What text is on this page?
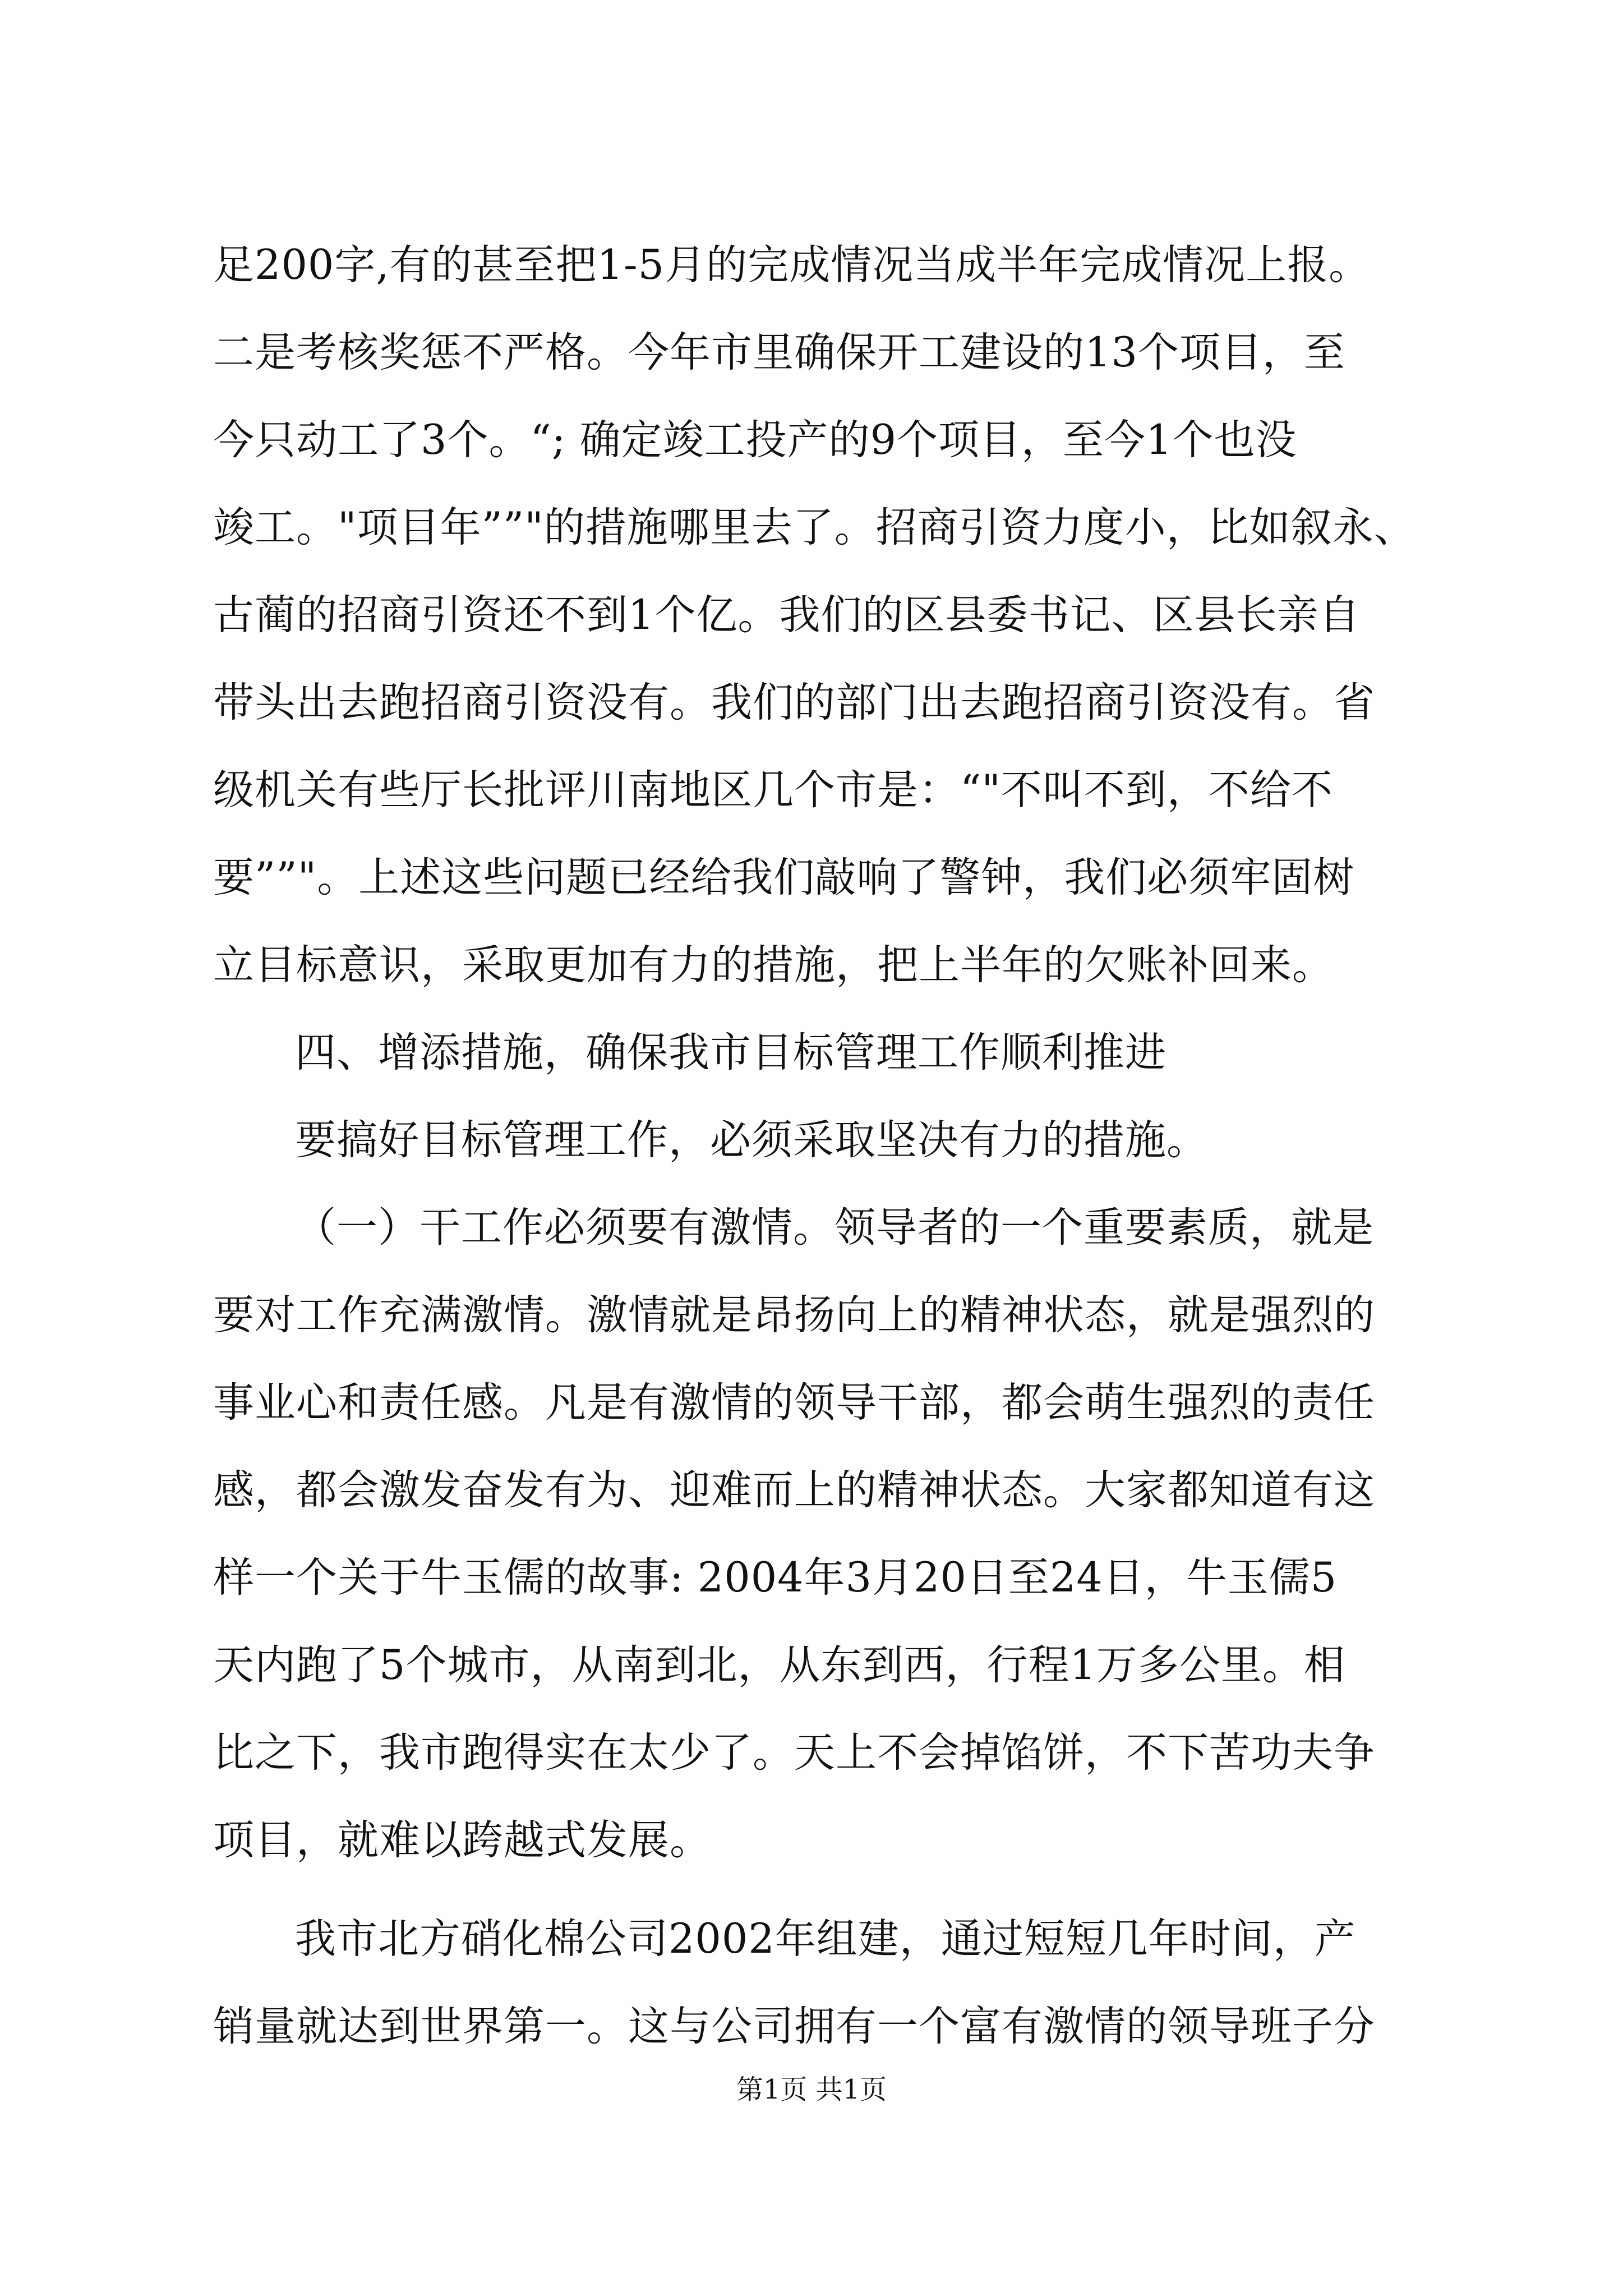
足200字,有的甚至把1-5月的完成情况当成半年完成情况上报。
二是考核奖惩不严格。今年市里确保开工建设的13个项目，至
今只动工了3个。“; 确定竣工投产的9个项目，至今1个也没
竣工。"项目年””"的措施哪里去了。招商引资力度小，比如叙永、
古蔺的招商引资还不到1个亿。我们的区县委书记、区县长亲自
带头出去跑招商引资没有。我们的部门出去跑招商引资没有。省
级机关有些厅长批评川南地区几个市是：“"不叫不到，不给不
要””"。上述这些问题已经给我们敲响了警钟，我们必须牢固树
立目标意识，采取更加有力的措施，把上半年的欠账补回来。
四、增添措施，确保我市目标管理工作顺利推进
要搞好目标管理工作，必须采取坚决有力的措施。
（一）干工作必须要有激情。领导者的一个重要素质，就是
要对工作充满激情。激情就是昂扬向上的精神状态，就是强烈的
事业心和责任感。凡是有激情的领导干部，都会萌生强烈的责任
感，都会激发奋发有为、迎难而上的精神状态。大家都知道有这
样一个关于牛玉儒的故事: 2004年3月20日至24日，牛玉儒5
天内跑了5个城市，从南到北，从东到西，行程1万多公里。相
比之下，我市跑得实在太少了。天上不会掉馅饼，不下苦功夫争
项目，就难以跨越式发展。
我市北方硝化棉公司2002年组建，通过短短几年时间，产
销量就达到世界第一。这与公司拥有一个富有激情的领导班子分
第1页 共1页
